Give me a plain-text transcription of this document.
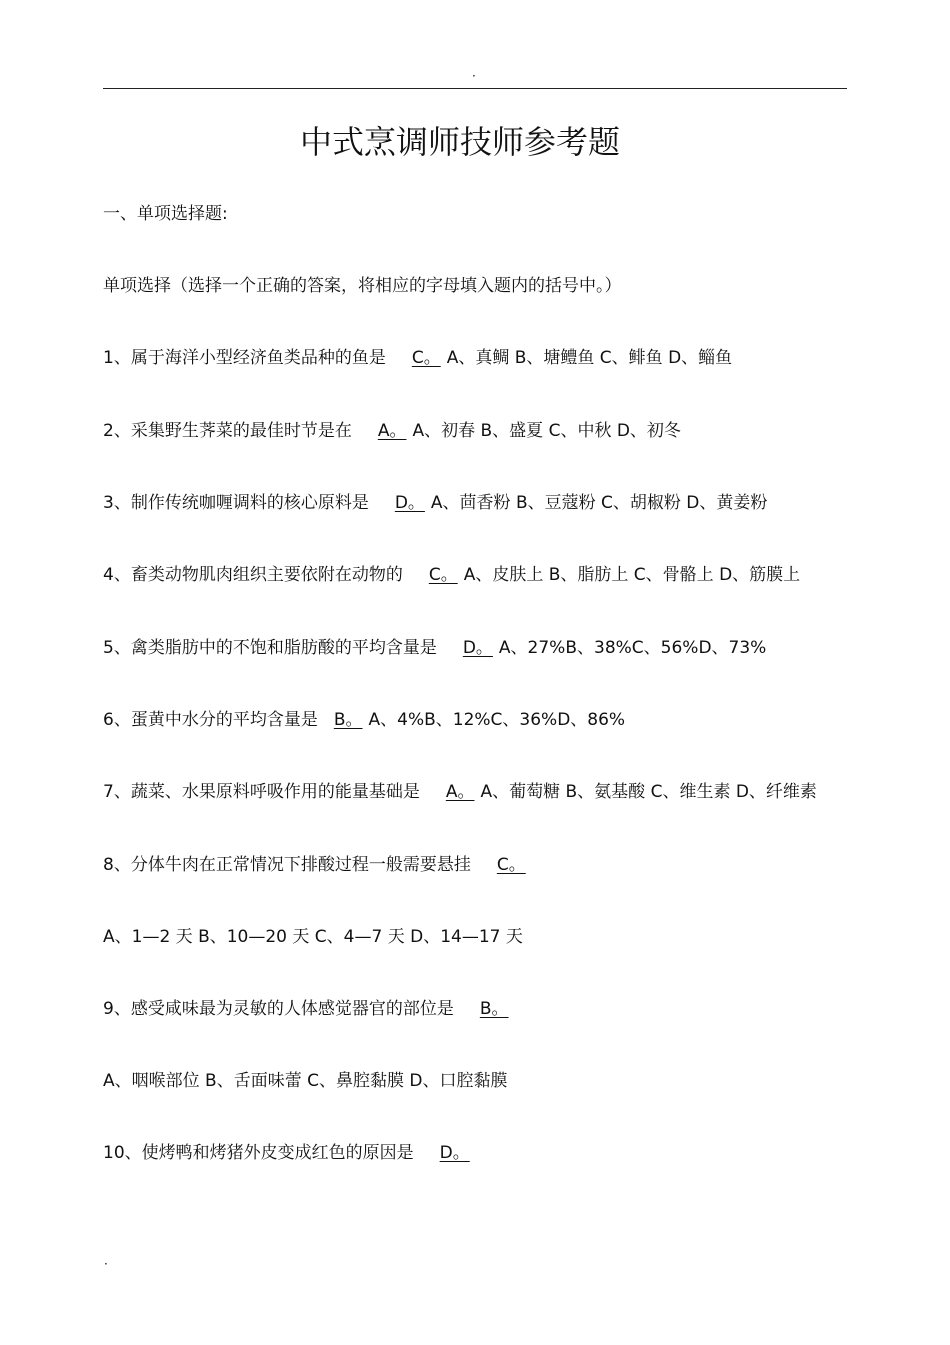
·
中式烹调师技师参考题
一、单项选择题:
单项选择（选择一个正确的答案，将相应的字母填入题内的括号中。）
1、属于海洋小型经济鱼类品种的鱼是 C。 A、真鲷 B、塘鳢鱼 C、鲱鱼 D、鲻鱼
2、采集野生荠菜的最佳时节是在 A。 A、初春 B、盛夏 C、中秋 D、初冬
3、制作传统咖喱调料的核心原料是 D。 A、茴香粉 B、豆蔻粉 C、胡椒粉 D、黄姜粉
4、畜类动物肌肉组织主要依附在动物的 C。 A、皮肤上 B、脂肪上 C、骨骼上 D、筋膜上
5、禽类脂肪中的不饱和脂肪酸的平均含量是 D。 A、27%B、38%C、56%D、73%
6、蛋黄中水分的平均含量是 B。 A、4%B、12%C、36%D、86%
7、蔬菜、水果原料呼吸作用的能量基础是 A。 A、葡萄糖 B、氨基酸 C、维生素 D、纤维素
8、分体牛肉在正常情况下排酸过程一般需要悬挂 C。
A、1—2 天 B、10—20 天 C、4—7 天 D、14—17 天
9、感受咸味最为灵敏的人体感觉器官的部位是 B。
A、咽喉部位 B、舌面味蕾 C、鼻腔黏膜 D、口腔黏膜
10、使烤鸭和烤猪外皮变成红色的原因是 D。
·
